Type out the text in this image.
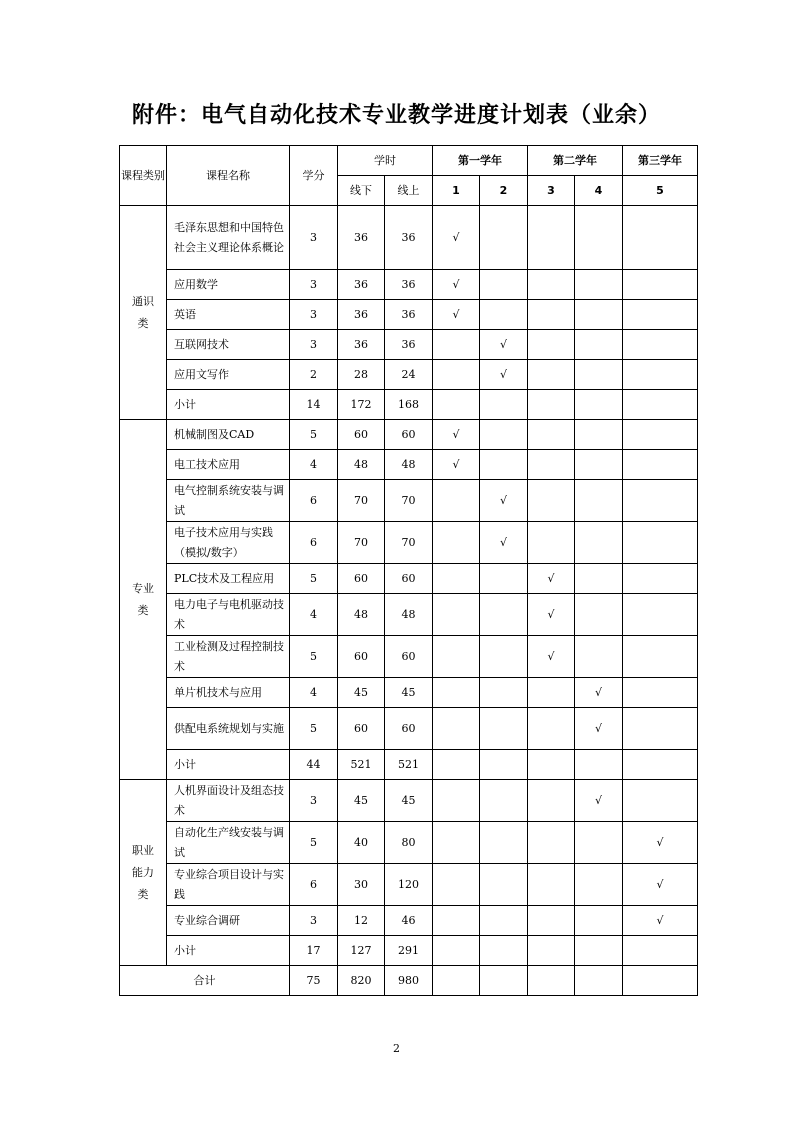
附件：电气自动化技术专业教学进度计划表（业余）
课程类别	课程名称	学分	学时		第一学年		第二学年		第三学年
			线下	线上	1	2	3	4	5
通识类	毛泽东思想和中国特色社会主义理论体系概论	3	36	36	√				
	应用数学	3	36	36	√				
	英语	3	36	36	√				
	互联网技术	3	36	36		√			
	应用文写作	2	28	24		√			
	小计	14	172	168					
专业类	机械制图及CAD	5	60	60	√				
	电工技术应用	4	48	48	√				
	电气控制系统安装与调试	6	70	70		√			
	电子技术应用与实践（模拟/数字）	6	70	70		√			
	PLC技术及工程应用	5	60	60			√		
	电力电子与电机驱动技术	4	48	48			√		
	工业检测及过程控制技术	5	60	60			√		
	单片机技术与应用	4	45	45				√	
	供配电系统规划与实施	5	60	60				√	
	小计	44	521	521					
职业能力类	人机界面设计及组态技术	3	45	45				√	
	自动化生产线安装与调试	5	40	80					√
	专业综合项目设计与实践	6	30	120					√
	专业综合调研	3	12	46					√
	小计	17	127	291					
合计		75	820	980					
2
